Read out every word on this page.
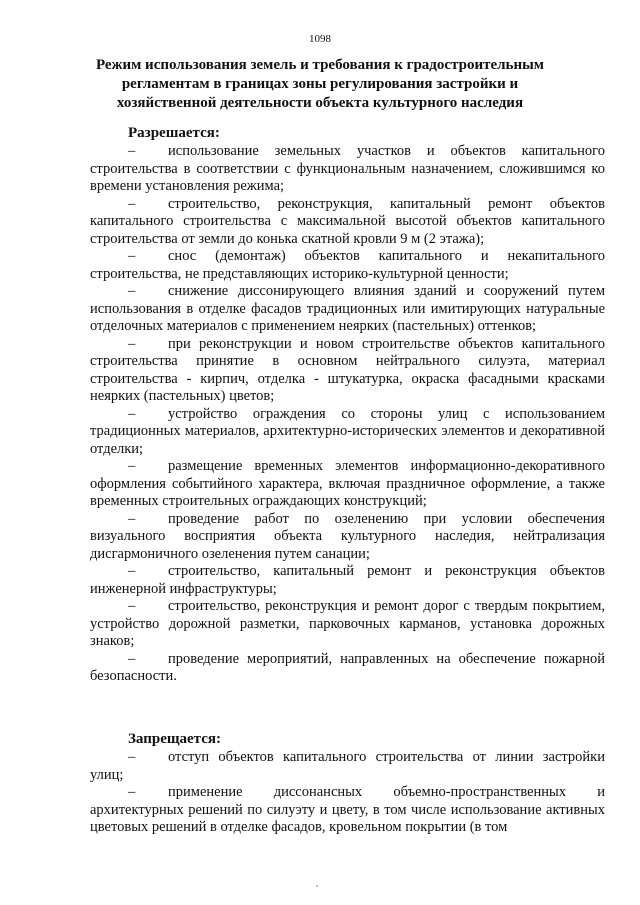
1098
Режим использования земель и требования к градостроительным регламентам в границах зоны регулирования застройки и хозяйственной деятельности объекта культурного наследия
Разрешается:
– использование земельных участков и объектов капитального строительства в соответствии с функциональным назначением, сложившимся ко времени установления режима;
– строительство, реконструкция, капитальный ремонт объектов капитального строительства с максимальной высотой объектов капитального строительства от земли до конька скатной кровли 9 м (2 этажа);
– снос (демонтаж) объектов капитального и некапитального строительства, не представляющих историко-культурной ценности;
– снижение диссонирующего влияния зданий и сооружений путем использования в отделке фасадов традиционных или имитирующих натуральные отделочных материалов с применением неярких (пастельных) оттенков;
– при реконструкции и новом строительстве объектов капитального строительства принятие в основном нейтрального силуэта, материал строительства - кирпич, отделка - штукатурка, окраска фасадными красками неярких (пастельных) цветов;
– устройство ограждения со стороны улиц с использованием традиционных материалов, архитектурно-исторических элементов и декоративной отделки;
– размещение временных элементов информационно-декоративного оформления событийного характера, включая праздничное оформление, а также временных строительных ограждающих конструкций;
– проведение работ по озеленению при условии обеспечения визуального восприятия объекта культурного наследия, нейтрализация дисгармоничного озеленения путем санации;
– строительство, капитальный ремонт и реконструкция объектов инженерной инфраструктуры;
– строительство, реконструкция и ремонт дорог с твердым покрытием, устройство дорожной разметки, парковочных карманов, установка дорожных знаков;
– проведение мероприятий, направленных на обеспечение пожарной безопасности.
Запрещается:
– отступ объектов капитального строительства от линии застройки улиц;
– применение диссонансных объемно-пространственных и архитектурных решений по силуэту и цвету, в том числе использование активных цветовых решений в отделке фасадов, кровельном покрытии (в том
